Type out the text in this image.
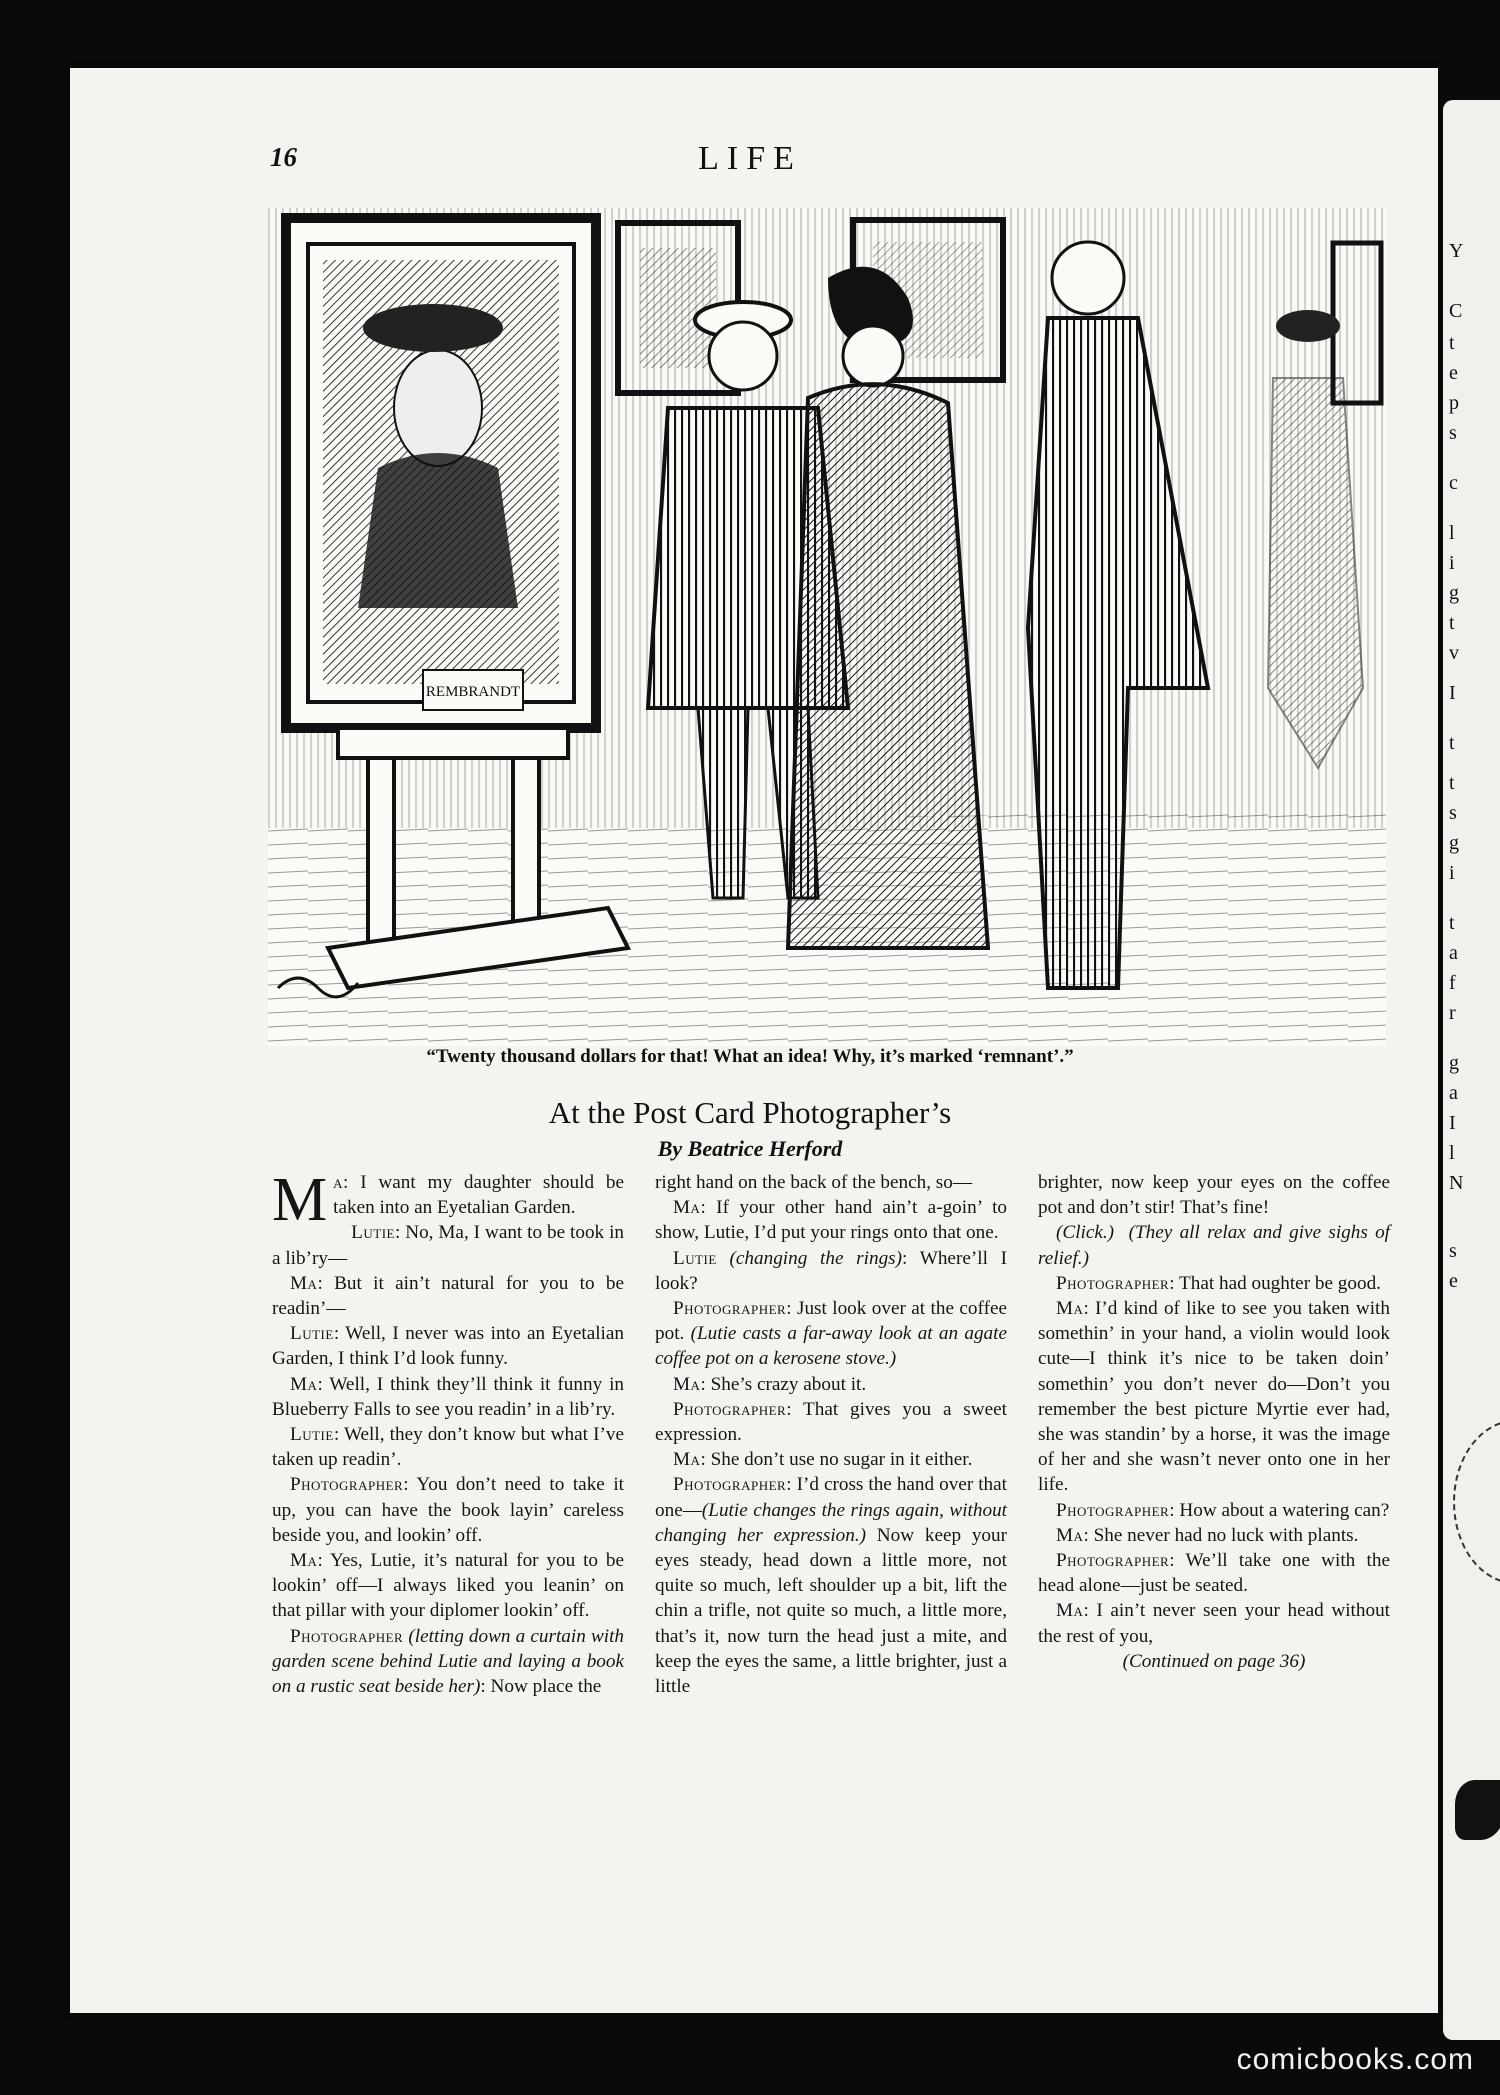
Y
C
t
e
p
s
c
l
i
g
t
v
I
t
t
s
g
i
t
a
f
r
g
a
I
l
N
s
e
16	LIFE
REMBRANDT
“Twenty thousand dollars for that! What an idea! Why, it’s marked ‘remnant’.”
At the Post Card Photographer’s
By Beatrice Herford

Ma: I want my daughter should be taken into an Eyetalian Garden.

Lutie: No, Ma, I want to be took in a lib’ry—

Ma: But it ain’t natural for you to be readin’—

Lutie: Well, I never was into an Eyetalian Garden, I think I’d look funny.

Ma: Well, I think they’ll think it funny in Blueberry Falls to see you readin’ in a lib’ry.

Lutie: Well, they don’t know but what I’ve taken up readin’.

Photographer: You don’t need to take it up, you can have the book layin’ careless beside you, and lookin’ off.

Ma: Yes, Lutie, it’s natural for you to be lookin’ off—I always liked you leanin’ on that pillar with your diplomer lookin’ off.

Photographer (letting down a curtain with garden scene behind Lutie and laying a book on a rustic seat beside her): Now place the

right hand on the back of the bench, so—

Ma: If your other hand ain’t a-goin’ to show, Lutie, I’d put your rings onto that one.

Lutie (changing the rings): Where’ll I look?

Photographer: Just look over at the coffee pot. (Lutie casts a far-away look at an agate coffee pot on a kerosene stove.)

Ma: She’s crazy about it.

Photographer: That gives you a sweet expression.

Ma: She don’t use no sugar in it either.

Photographer: I’d cross the hand over that one—(Lutie changes the rings again, without changing her expression.) Now keep your eyes steady, head down a little more, not quite so much, left shoulder up a bit, lift the chin a trifle, not quite so much, a little more, that’s it, now turn the head just a mite, and keep the eyes the same, a little brighter, just a little

brighter, now keep your eyes on the coffee pot and don’t stir! That’s fine!

(Click.) (They all relax and give sighs of relief.)

Photographer: That had oughter be good.

Ma: I’d kind of like to see you taken with somethin’ in your hand, a violin would look cute—I think it’s nice to be taken doin’ somethin’ you don’t never do—Don’t you remember the best picture Myrtie ever had, she was standin’ by a horse, it was the image of her and she wasn’t never onto one in her life.

Photographer: How about a watering can?

Ma: She never had no luck with plants.

Photographer: We’ll take one with the head alone—just be seated.

Ma: I ain’t never seen your head without the rest of you,

(Continued on page 36)

comicbooks.com
